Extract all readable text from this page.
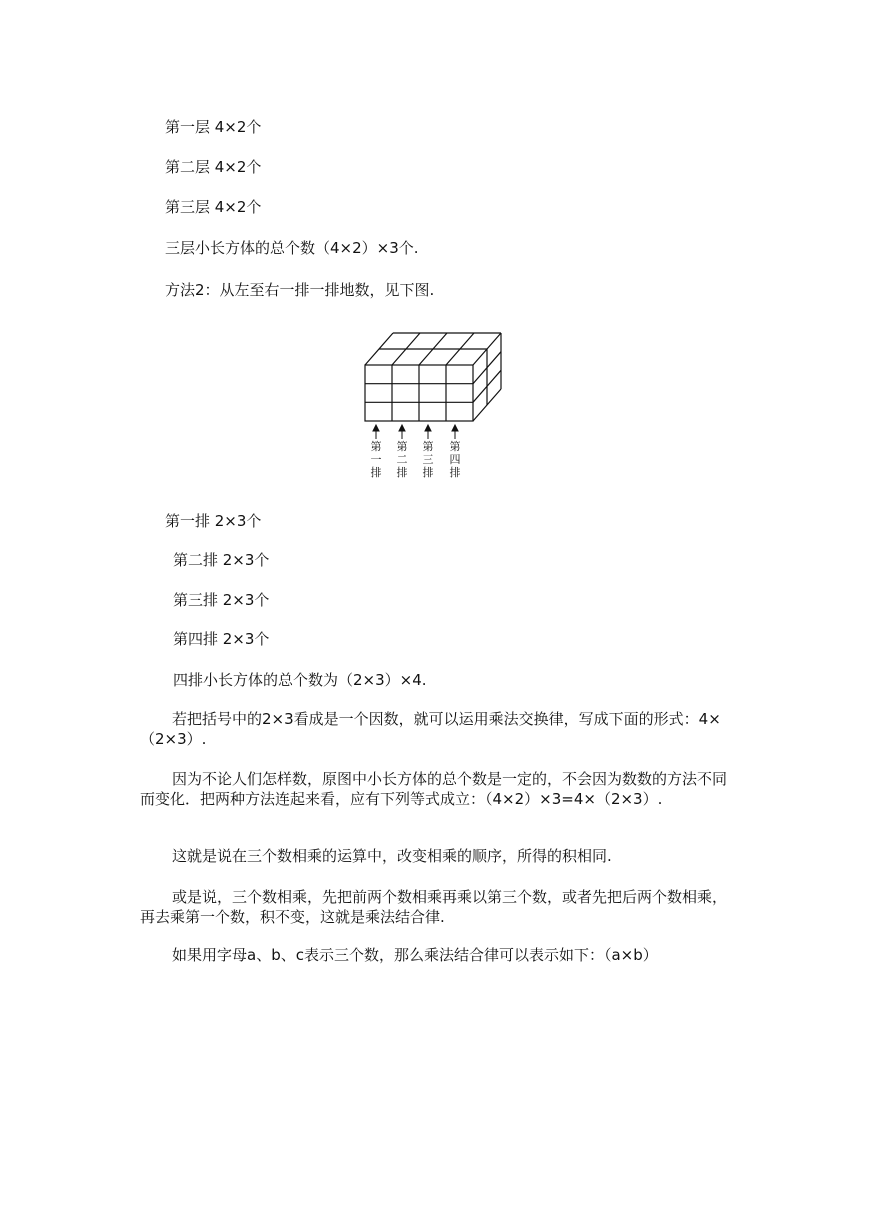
第一层 4×2个
第二层 4×2个
第三层 4×2个
三层小长方体的总个数（4×2）×3个.
方法2：从左至右一排一排地数，见下图.
第
一
排
第
二
排
第
三
排
第
四
排
第一排 2×3个
第二排 2×3个
第三排 2×3个
第四排 2×3个
四排小长方体的总个数为（2×3）×4.
若把括号中的2×3看成是一个因数，就可以运用乘法交换律，写成下面的形式：4×（2×3）.
因为不论人们怎样数，原图中小长方体的总个数是一定的，不会因为数数的方法不同而变化．把两种方法连起来看，应有下列等式成立：（4×2）×3=4×（2×3）.
这就是说在三个数相乘的运算中，改变相乘的顺序，所得的积相同.
或是说，三个数相乘，先把前两个数相乘再乘以第三个数，或者先把后两个数相乘，再去乘第一个数，积不变，这就是乘法结合律.
如果用字母a、b、c表示三个数，那么乘法结合律可以表示如下：（a×b）
